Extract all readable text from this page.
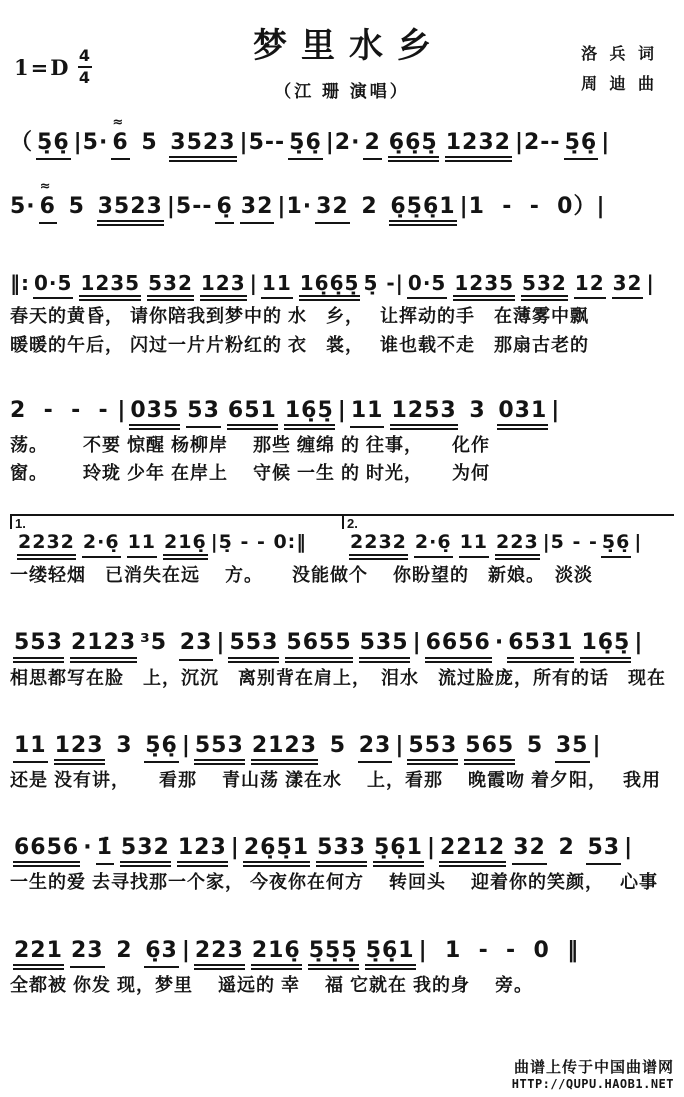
$1=D \frac{4}{4}$
梦里水乡
（江 珊 演唱）
洛 兵 词
周 迪 曲
（ 5̣6̣ |5· 6 ≈ 5 3523 |5-- 5̣6̣ |2· 2 6̣6̣5̣ 1232 |2-- 5̣6̣ |
5· 6 ≈ 5 3523 |5-- 6̣ 32 |1· 32 2 6̣5̣6̣1 |1  -  -  0）|
‖: 0·5 1235 532 123 | 11 16̣6̣5̣ 5̣ -| 0·5 1235 532 12 32 |
春天的黄昏， 请你陪我到梦中的 水　乡，　 让挥动的手　在薄雾中飘
暖暖的午后， 闪过一片片粉红的 衣　裳，　 谁也载不走　那扇古老的
2  -  -  - | 035 53 651 16̣5̣ | 11 1253 3 031 |
荡。　　 不要 惊醒 杨柳岸　 那些 缠绵 的 往事，　　化作
窗。　　 玲珑 少年 在岸上　 守候 一生 的 时光，　　为何
1.
2232 2·6̣ 11 216̣ |5̣ - - 0:‖
2.
2232 2·6̣ 11 223 |5 - - 5̣6̣ |
一缕轻烟　已消失在远　 方。　　没能做个　 你盼望的　新娘。　淡淡
553 2123 ³5 23 | 553 5655 535 | 6656 · 6531 16̣5̣ |
相思都写在脸　上，沉沉　离别背在肩上，　泪水　流过脸庞，所有的话　现在
11 123 3 5̣6̣ | 553 2123 5 23 | 553 565 5 35 |
还是 没有讲，　　看那　 青山荡 漾在水　 上，看那　 晚霞吻 着夕阳，　 我用
6656 · 1̇ 532 123 | 26̣5̣1 533 5̣6̣1 | 2212 32 2 53 |
一生的爱 去寻找那一个家， 今夜你在何方　 转回头　 迎着你的笑颜，　 心事
221 23 2 6̣3 | 223 216̣ 5̣5̣5̣ 5̣6̣1 |  1  -  -  0  ‖
全都被 你发 现，梦里　 遥远的 幸　 福 它就在 我的身　 旁。
曲谱上传于中国曲谱网
HTTP://QUPU.HAOB1.NET
